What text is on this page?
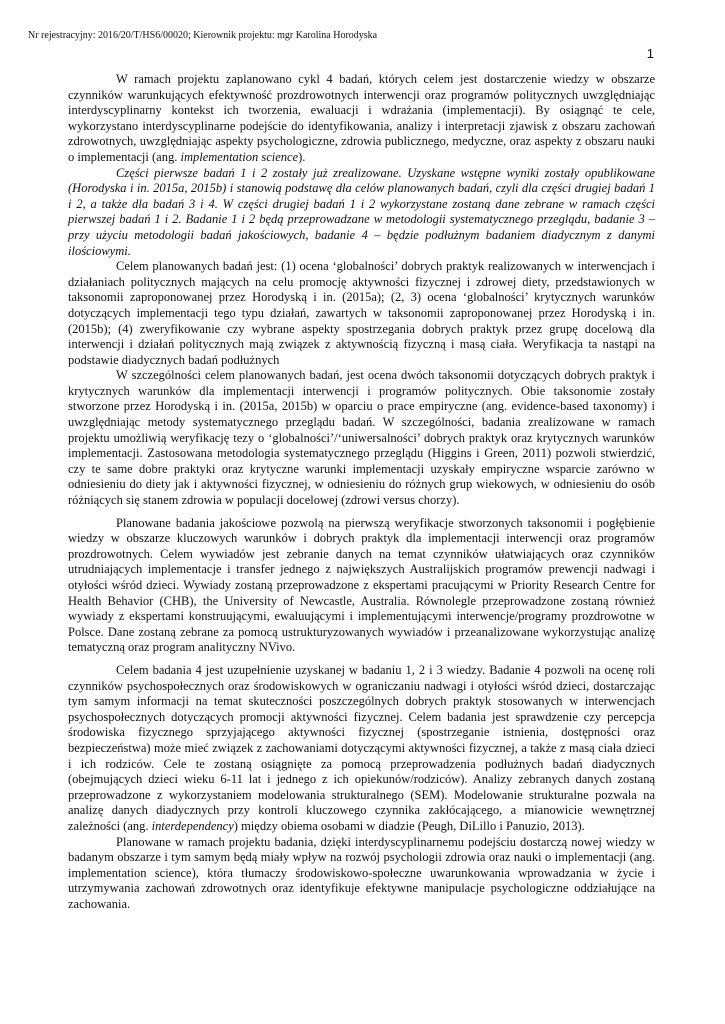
Nr rejestracyjny: 2016/20/T/HS6/00020; Kierownik projektu: mgr Karolina Horodyska
1

W ramach projektu zaplanowano cykl 4 badań, których celem jest dostarczenie wiedzy w obszarze czynników warunkujących efektywność prozdrowotnych interwencji oraz programów politycznych uwzględniając interdyscyplinarny kontekst ich tworzenia, ewaluacji i wdrażania (implementacji). By osiągnąć te cele, wykorzystano interdyscyplinarne podejście do identyfikowania, analizy i interpretacji zjawisk z obszaru zachowań zdrowotnych, uwzględniając aspekty psychologiczne, zdrowia publicznego, medyczne, oraz aspekty z obszaru nauki o implementacji (ang. implementation science).

Części pierwsze badań 1 i 2 zostały już zrealizowane. Uzyskane wstępne wyniki zostały opublikowane (Horodyska i in. 2015a, 2015b) i stanowią podstawę dla celów planowanych badań, czyli dla części drugiej badań 1 i 2, a także dla badań 3 i 4. W części drugiej badań 1 i 2 wykorzystane zostaną dane zebrane w ramach części pierwszej badań 1 i 2. Badanie 1 i 2 będą przeprowadzane w metodologii systematycznego przeglądu, badanie 3 – przy użyciu metodologii badań jakościowych, badanie 4 – będzie podłużnym badaniem diadycznym z danymi ilościowymi.

Celem planowanych badań jest: (1) ocena ‘globalności’ dobrych praktyk realizowanych w interwencjach i działaniach politycznych mających na celu promocję aktywności fizycznej i zdrowej diety, przedstawionych w taksonomii zaproponowanej przez Horodyską i in. (2015a); (2, 3) ocena ‘globalności’ krytycznych warunków dotyczących implementacji tego typu działań, zawartych w taksonomii zaproponowanej przez Horodyską i in. (2015b); (4) zweryfikowanie czy wybrane aspekty spostrzegania dobrych praktyk przez grupę docelową dla interwencji i działań politycznych mają związek z aktywnością fizyczną i masą ciała. Weryfikacja ta nastąpi na podstawie diadycznych badań podłużnych

W szczególności celem planowanych badań, jest ocena dwóch taksonomii dotyczących dobrych praktyk i krytycznych warunków dla implementacji interwencji i programów politycznych. Obie taksonomie zostały stworzone przez Horodyską i in. (2015a, 2015b) w oparciu o prace empiryczne (ang. evidence-based taxonomy) i uwzględniając metody systematycznego przeglądu badań. W szczególności, badania zrealizowane w ramach projektu umożliwią weryfikację tezy o ‘globalności’/‘uniwersalności’ dobrych praktyk oraz krytycznych warunków implementacji. Zastosowana metodologia systematycznego przeglądu (Higgins i Green, 2011) pozwoli stwierdzić, czy te same dobre praktyki oraz krytyczne warunki implementacji uzyskały empiryczne wsparcie zarówno w odniesieniu do diety jak i aktywności fizycznej, w odniesieniu do różnych grup wiekowych, w odniesieniu do osób różniących się stanem zdrowia w populacji docelowej (zdrowi versus chorzy).

Planowane badania jakościowe pozwolą na pierwszą weryfikacje stworzonych taksonomii i pogłębienie wiedzy w obszarze kluczowych warunków i dobrych praktyk dla implementacji interwencji oraz programów prozdrowotnych. Celem wywiadów jest zebranie danych na temat czynników ułatwiających oraz czynników utrudniających implementacje i transfer jednego z największych Australijskich programów prewencji nadwagi i otyłości wśród dzieci. Wywiady zostaną przeprowadzone z ekspertami pracującymi w Priority Research Centre for Health Behavior (CHB), the University of Newcastle, Australia. Równolegle przeprowadzone zostaną również wywiady z ekspertami konstruującymi, ewaluującymi i implementującymi interwencje/programy prozdrowotne w Polsce. Dane zostaną zebrane za pomocą ustrukturyzowanych wywiadów i przeanalizowane wykorzystując analizę tematyczną oraz program analityczny NVivo.

Celem badania 4 jest uzupełnienie uzyskanej w badaniu 1, 2 i 3 wiedzy. Badanie 4 pozwoli na ocenę roli czynników psychospołecznych oraz środowiskowych w ograniczaniu nadwagi i otyłości wśród dzieci, dostarczając tym samym informacji na temat skuteczności poszczególnych dobrych praktyk stosowanych w interwencjach psychospołecznych dotyczących promocji aktywności fizycznej. Celem badania jest sprawdzenie czy percepcja środowiska fizycznego sprzyjającego aktywności fizycznej (spostrzeganie istnienia, dostępności oraz bezpieczeństwa) może mieć związek z zachowaniami dotyczącymi aktywności fizycznej, a także z masą ciała dzieci i ich rodziców. Cele te zostaną osiągnięte za pomocą przeprowadzenia podłużnych badań diadycznych (obejmujących dzieci wieku 6-11 lat i jednego z ich opiekunów/rodziców). Analizy zebranych danych zostaną przeprowadzone z wykorzystaniem modelowania strukturalnego (SEM). Modelowanie strukturalne pozwala na analizę danych diadycznych przy kontroli kluczowego czynnika zakłócającego, a mianowicie wewnętrznej zależności (ang. interdependency) między obiema osobami w diadzie (Peugh, DiLillo i Panuzio, 2013).

Planowane w ramach projektu badania, dzięki interdyscyplinarnemu podejściu dostarczą nowej wiedzy w badanym obszarze i tym samym będą miały wpływ na rozwój psychologii zdrowia oraz nauki o implementacji (ang. implementation science), która tłumaczy środowiskowo-społeczne uwarunkowania wprowadzania w życie i utrzymywania zachowań zdrowotnych oraz identyfikuje efektywne manipulacje psychologiczne oddziałujące na zachowania.
